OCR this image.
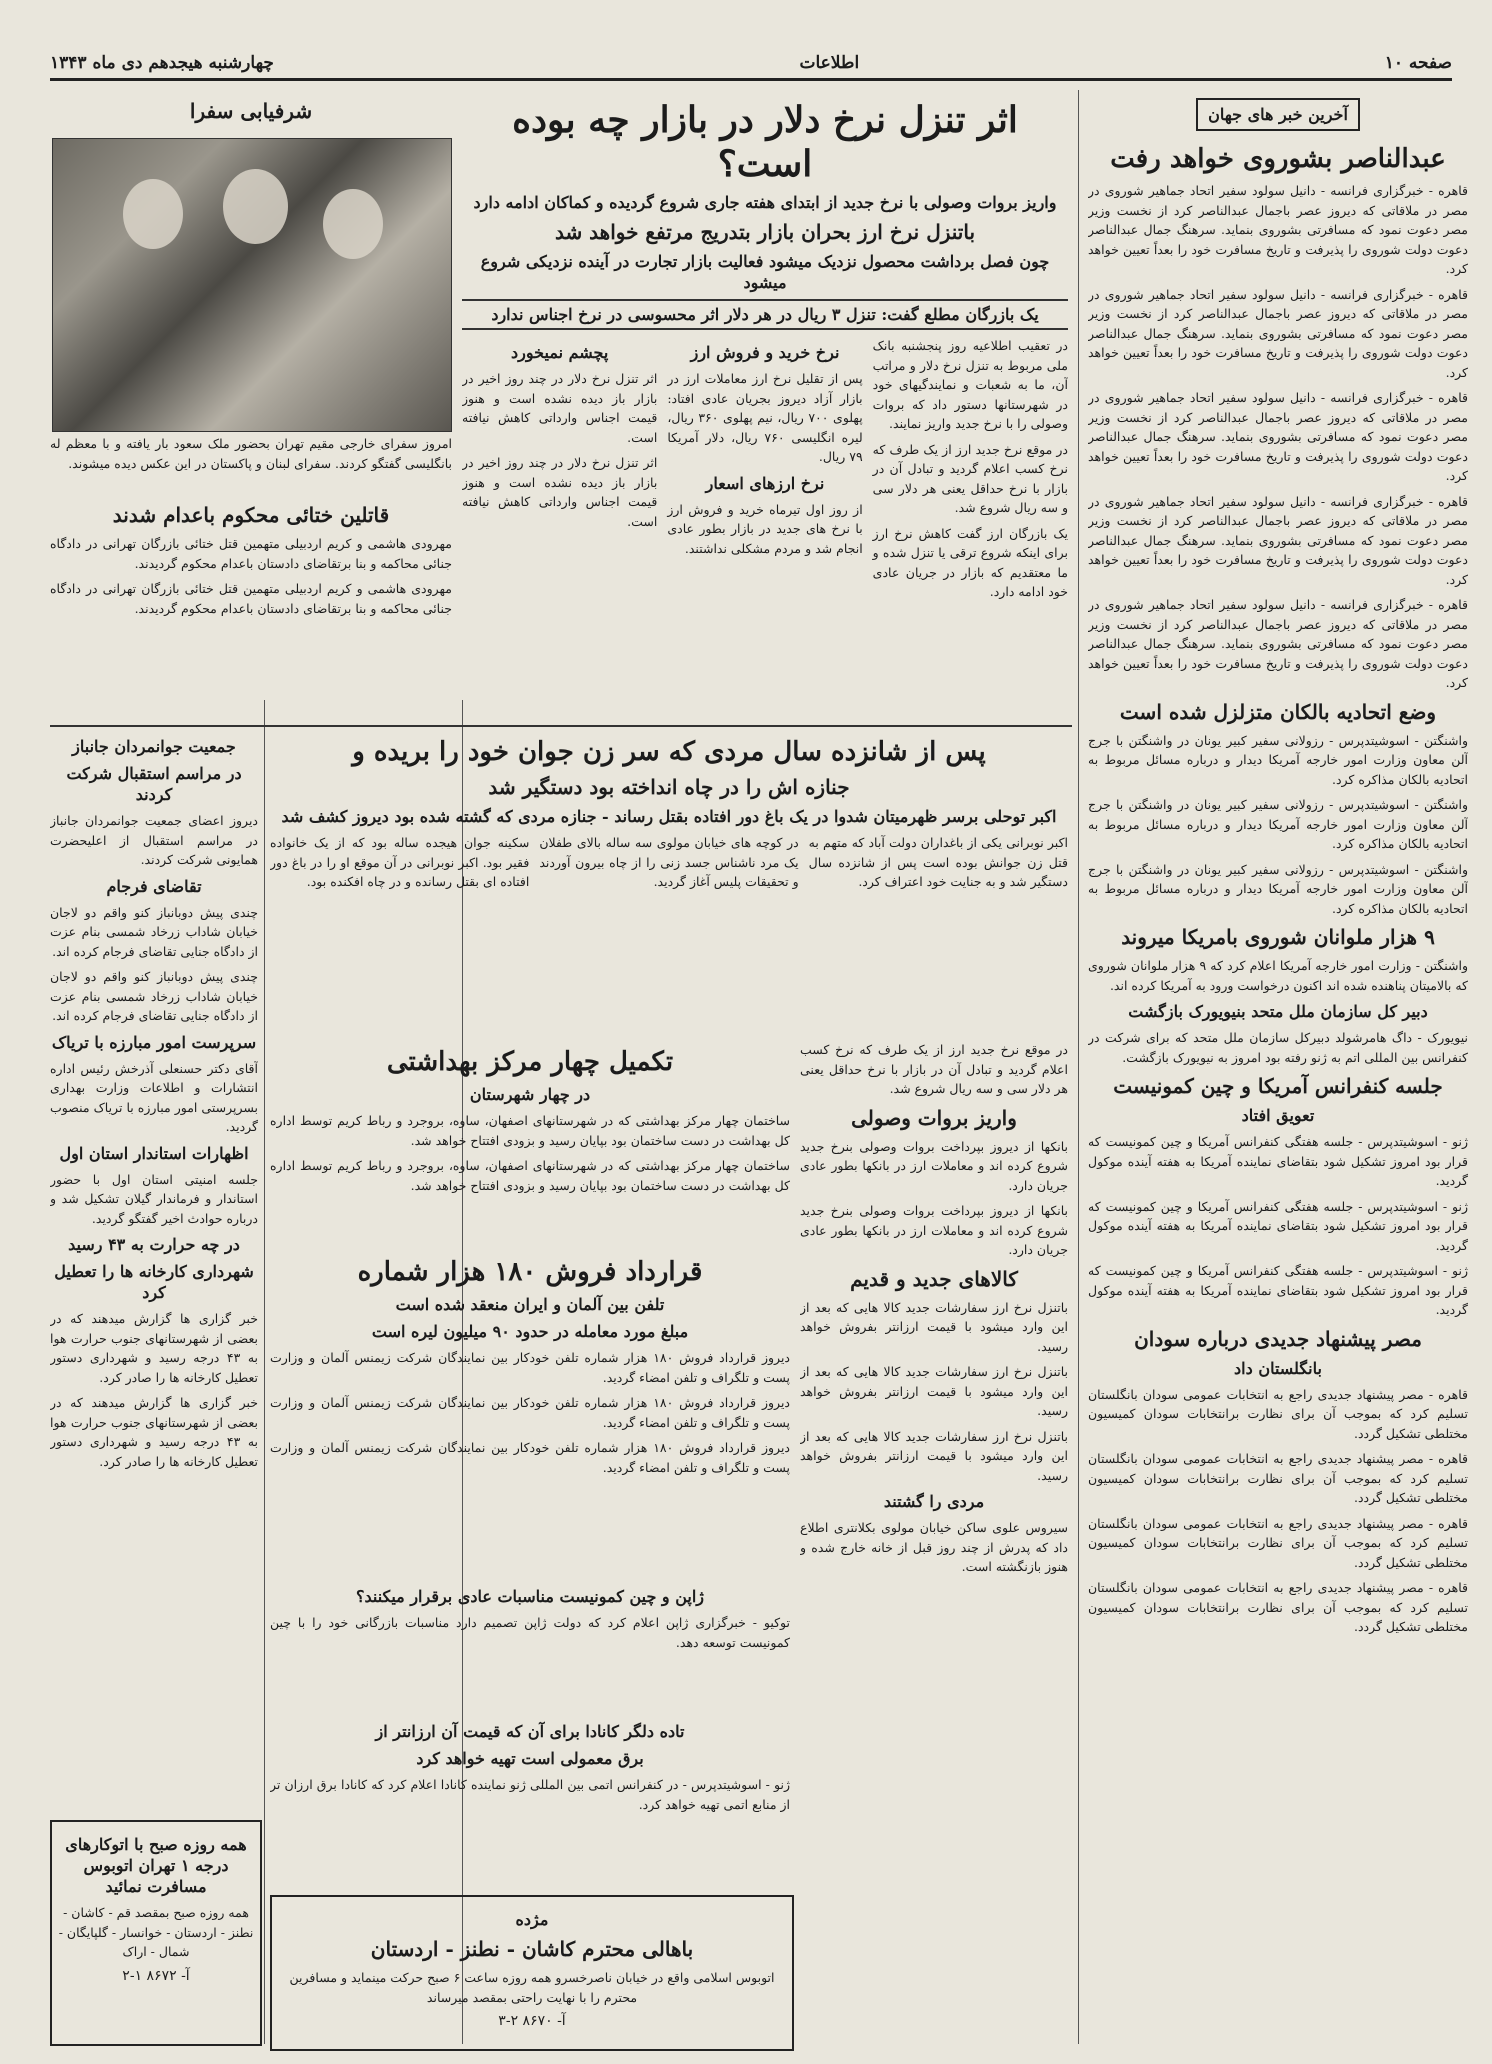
صفحه ۱۰
اطلاعات
چهارشنبه هیجدهم دی ماه ۱۳۴۳
آخرین خبر های جهان
عبدالناصر بشوروی خواهد رفت

قاهره - خبرگزاری فرانسه - دانیل سولود سفیر اتحاد جماهیر شوروی در مصر در ملاقاتی که دیروز عصر باجمال عبدالناصر کرد از نخست وزیر مصر دعوت نمود که مسافرتی بشوروی بنماید. سرهنگ جمال عبدالناصر دعوت دولت شوروی را پذیرفت و تاریخ مسافرت خود را بعداً تعیین خواهد کرد.

قاهره - خبرگزاری فرانسه - دانیل سولود سفیر اتحاد جماهیر شوروی در مصر در ملاقاتی که دیروز عصر باجمال عبدالناصر کرد از نخست وزیر مصر دعوت نمود که مسافرتی بشوروی بنماید. سرهنگ جمال عبدالناصر دعوت دولت شوروی را پذیرفت و تاریخ مسافرت خود را بعداً تعیین خواهد کرد.

قاهره - خبرگزاری فرانسه - دانیل سولود سفیر اتحاد جماهیر شوروی در مصر در ملاقاتی که دیروز عصر باجمال عبدالناصر کرد از نخست وزیر مصر دعوت نمود که مسافرتی بشوروی بنماید. سرهنگ جمال عبدالناصر دعوت دولت شوروی را پذیرفت و تاریخ مسافرت خود را بعداً تعیین خواهد کرد.

قاهره - خبرگزاری فرانسه - دانیل سولود سفیر اتحاد جماهیر شوروی در مصر در ملاقاتی که دیروز عصر باجمال عبدالناصر کرد از نخست وزیر مصر دعوت نمود که مسافرتی بشوروی بنماید. سرهنگ جمال عبدالناصر دعوت دولت شوروی را پذیرفت و تاریخ مسافرت خود را بعداً تعیین خواهد کرد.

قاهره - خبرگزاری فرانسه - دانیل سولود سفیر اتحاد جماهیر شوروی در مصر در ملاقاتی که دیروز عصر باجمال عبدالناصر کرد از نخست وزیر مصر دعوت نمود که مسافرتی بشوروی بنماید. سرهنگ جمال عبدالناصر دعوت دولت شوروی را پذیرفت و تاریخ مسافرت خود را بعداً تعیین خواهد کرد.

وضع اتحادیه بالکان متزلزل شده است

واشنگتن - اسوشیتدپرس - رزولانی سفیر کبیر یونان در واشنگتن با جرج آلن معاون وزارت امور خارجه آمریکا دیدار و درباره مسائل مربوط به اتحادیه بالکان مذاکره کرد.

واشنگتن - اسوشیتدپرس - رزولانی سفیر کبیر یونان در واشنگتن با جرج آلن معاون وزارت امور خارجه آمریکا دیدار و درباره مسائل مربوط به اتحادیه بالکان مذاکره کرد.

واشنگتن - اسوشیتدپرس - رزولانی سفیر کبیر یونان در واشنگتن با جرج آلن معاون وزارت امور خارجه آمریکا دیدار و درباره مسائل مربوط به اتحادیه بالکان مذاکره کرد.

۹ هزار ملوانان شوروی بامریکا میروند

واشنگتن - وزارت امور خارجه آمریکا اعلام کرد که ۹ هزار ملوانان شوروی که بالامیتان پناهنده شده اند اکنون درخواست ورود به آمریکا کرده اند.

دبیر کل سازمان ملل متحد بنیویورک بازگشت

نیویورک - داگ هامرشولد دبیرکل سازمان ملل متحد که برای شرکت در کنفرانس بین المللی اتم به ژنو رفته بود امروز به نیویورک بازگشت.

جلسه کنفرانس آمریکا و چین کمونیست
تعویق افتاد

ژنو - اسوشیتدپرس - جلسه هفتگی کنفرانس آمریکا و چین کمونیست که قرار بود امروز تشکیل شود بتقاضای نماینده آمریکا به هفته آینده موکول گردید.

ژنو - اسوشیتدپرس - جلسه هفتگی کنفرانس آمریکا و چین کمونیست که قرار بود امروز تشکیل شود بتقاضای نماینده آمریکا به هفته آینده موکول گردید.

ژنو - اسوشیتدپرس - جلسه هفتگی کنفرانس آمریکا و چین کمونیست که قرار بود امروز تشکیل شود بتقاضای نماینده آمریکا به هفته آینده موکول گردید.

مصر پیشنهاد جدیدی درباره سودان
بانگلستان داد

قاهره - مصر پیشنهاد جدیدی راجع به انتخابات عمومی سودان بانگلستان تسلیم کرد که بموجب آن برای نظارت برانتخابات سودان کمیسیون مختلطی تشکیل گردد.

قاهره - مصر پیشنهاد جدیدی راجع به انتخابات عمومی سودان بانگلستان تسلیم کرد که بموجب آن برای نظارت برانتخابات سودان کمیسیون مختلطی تشکیل گردد.

قاهره - مصر پیشنهاد جدیدی راجع به انتخابات عمومی سودان بانگلستان تسلیم کرد که بموجب آن برای نظارت برانتخابات سودان کمیسیون مختلطی تشکیل گردد.

قاهره - مصر پیشنهاد جدیدی راجع به انتخابات عمومی سودان بانگلستان تسلیم کرد که بموجب آن برای نظارت برانتخابات سودان کمیسیون مختلطی تشکیل گردد.

اثر تنزل نرخ دلار در بازار چه بوده است؟
واریز بروات وصولی با نرخ جدید از ابتدای هفته جاری شروع گردیده و کماکان ادامه دارد
باتنزل نرخ ارز بحران بازار بتدریج مرتفع خواهد شد
چون فصل برداشت محصول نزدیک میشود فعالیت بازار تجارت در آینده نزدیکی شروع میشود
یک بازرگان مطلع گفت: تنزل ۳ ریال در هر دلار اثر محسوسی در نرخ اجناس ندارد

در تعقیب اطلاعیه روز پنجشنبه بانک ملی مربوط به تنزل نرخ دلار و مراتب آن، ما به شعبات و نمایندگیهای خود در شهرستانها دستور داد که بروات وصولی را با نرخ جدید واریز نمایند.

در موقع نرخ جدید ارز از یک طرف که نرخ کسب اعلام گردید و تبادل آن در بازار با نرخ حداقل یعنی هر دلار سی و سه ریال شروع شد.

یک بازرگان ارز گفت کاهش نرخ ارز برای اینکه شروع ترقی یا تنزل شده و ما معتقدیم که بازار در جریان عادی خود ادامه دارد.

نرخ خرید و فروش ارز

پس از تقلیل نرخ ارز معاملات ارز در بازار آزاد دیروز بجریان عادی افتاد: پهلوی ۷۰۰ ریال، نیم پهلوی ۳۶۰ ریال، لیره انگلیسی ۷۶۰ ریال، دلار آمریکا ۷۹ ریال.

نرخ ارزهای اسعار

از روز اول تیرماه خرید و فروش ارز با نرخ های جدید در بازار بطور عادی انجام شد و مردم مشکلی نداشتند.

پچشم نمیخورد

اثر تنزل نرخ دلار در چند روز اخیر در بازار باز دیده نشده است و هنوز قیمت اجناس وارداتی کاهش نیافته است.

اثر تنزل نرخ دلار در چند روز اخیر در بازار باز دیده نشده است و هنوز قیمت اجناس وارداتی کاهش نیافته است.

شرفیابی سفرا

امروز سفرای خارجی مقیم تهران بحضور ملک سعود بار یافته و با معظم له بانگلیسی گفتگو کردند. سفرای لبنان و پاکستان در این عکس دیده میشوند.

قاتلین ختائی محکوم باعدام شدند

مهرودی هاشمی و کریم اردبیلی متهمین قتل ختائی بازرگان تهرانی در دادگاه جنائی محاکمه و بنا برتقاضای دادستان باعدام محکوم گردیدند.

مهرودی هاشمی و کریم اردبیلی متهمین قتل ختائی بازرگان تهرانی در دادگاه جنائی محاکمه و بنا برتقاضای دادستان باعدام محکوم گردیدند.

پس از شانزده سال مردی که سر زن جوان خود را بریده و
جنازه اش را در چاه انداخته بود دستگیر شد
اکبر توحلی برسر ظهرمیتان شدوا در یک باغ دور افتاده بقتل رساند - جنازه مردی که گشته شده بود دیروز کشف شد

اکبر نوبرانی یکی از باغداران دولت آباد که متهم به قتل زن جوانش بوده است پس از شانزده سال دستگیر شد و به جنایت خود اعتراف کرد.

در کوچه های خیابان مولوی سه ساله بالای طفلان یک مرد ناشناس جسد زنی را از چاه بیرون آوردند و تحقیقات پلیس آغاز گردید.

سکینه جوان هیجده ساله بود که از یک خانواده فقیر بود. اکبر نوبرانی در آن موقع او را در باغ دور افتاده ای بقتل رسانده و در چاه افکنده بود.

تکمیل چهار مرکز بهداشتی
در چهار شهرستان

ساختمان چهار مرکز بهداشتی که در شهرستانهای اصفهان، ساوه، بروجرد و رباط کریم توسط اداره کل بهداشت در دست ساختمان بود بپایان رسید و بزودی افتتاح خواهد شد.

ساختمان چهار مرکز بهداشتی که در شهرستانهای اصفهان، ساوه، بروجرد و رباط کریم توسط اداره کل بهداشت در دست ساختمان بود بپایان رسید و بزودی افتتاح خواهد شد.

قرارداد فروش ۱۸۰ هزار شماره
تلفن بین آلمان و ایران منعقد شده است
مبلغ مورد معامله در حدود ۹۰ میلیون لیره است

دیروز قرارداد فروش ۱۸۰ هزار شماره تلفن خودکار بین نمایندگان شرکت زیمنس آلمان و وزارت پست و تلگراف و تلفن امضاء گردید.

دیروز قرارداد فروش ۱۸۰ هزار شماره تلفن خودکار بین نمایندگان شرکت زیمنس آلمان و وزارت پست و تلگراف و تلفن امضاء گردید.

دیروز قرارداد فروش ۱۸۰ هزار شماره تلفن خودکار بین نمایندگان شرکت زیمنس آلمان و وزارت پست و تلگراف و تلفن امضاء گردید.

ژاپن و چین کمونیست مناسبات عادی برقرار میکنند؟

توکیو - خبرگزاری ژاپن اعلام کرد که دولت ژاپن تصمیم دارد مناسبات بازرگانی خود را با چین کمونیست توسعه دهد.

تاده دلگر کانادا برای آن که قیمت آن ارزانتر از
برق معمولی است تهیه خواهد کرد

ژنو - اسوشیتدپرس - در کنفرانس اتمی بین المللی ژنو نماینده کانادا اعلام کرد که کانادا برق ارزان تر از منابع اتمی تهیه خواهد کرد.

در موقع نرخ جدید ارز از یک طرف که نرخ کسب اعلام گردید و تبادل آن در بازار با نرخ حداقل یعنی هر دلار سی و سه ریال شروع شد.

واریز بروات وصولی

بانکها از دیروز بپرداخت بروات وصولی بنرخ جدید شروع کرده اند و معاملات ارز در بانکها بطور عادی جریان دارد.

بانکها از دیروز بپرداخت بروات وصولی بنرخ جدید شروع کرده اند و معاملات ارز در بانکها بطور عادی جریان دارد.

کالاهای جدید و قدیم

باتنزل نرخ ارز سفارشات جدید کالا هایی که بعد از این وارد میشود با قیمت ارزانتر بفروش خواهد رسید.

باتنزل نرخ ارز سفارشات جدید کالا هایی که بعد از این وارد میشود با قیمت ارزانتر بفروش خواهد رسید.

باتنزل نرخ ارز سفارشات جدید کالا هایی که بعد از این وارد میشود با قیمت ارزانتر بفروش خواهد رسید.

مردی را گشتند

سیروس علوی ساکن خیابان مولوی بکلانتری اطلاع داد که پدرش از چند روز قبل از خانه خارج شده و هنوز بازنگشته است.

جمعیت جوانمردان جانباز
در مراسم استقبال شرکت کردند

دیروز اعضای جمعیت جوانمردان جانباز در مراسم استقبال از اعلیحضرت همایونی شرکت کردند.

تقاضای فرجام

چندی پیش دوبانباز کنو واقم دو لاجان خیابان شاداب زرخاد شمسی بنام عزت از دادگاه جنایی تقاضای فرجام کرده اند.

چندی پیش دوبانباز کنو واقم دو لاجان خیابان شاداب زرخاد شمسی بنام عزت از دادگاه جنایی تقاضای فرجام کرده اند.

سرپرست امور مبارزه با تریاک

آقای دکتر حسنعلی آذرخش رئیس اداره انتشارات و اطلاعات وزارت بهداری بسرپرستی امور مبارزه با تریاک منصوب گردید.

اظهارات استاندار استان اول

جلسه امنیتی استان اول با حضور استاندار و فرماندار گیلان تشکیل شد و درباره حوادث اخیر گفتگو گردید.

در چه حرارت به ۴۳ رسید
شهرداری کارخانه ها را تعطیل کرد

خبر گزاری ها گزارش میدهند که در بعضی از شهرستانهای جنوب حرارت هوا به ۴۳ درجه رسید و شهرداری دستور تعطیل کارخانه ها را صادر کرد.

خبر گزاری ها گزارش میدهند که در بعضی از شهرستانهای جنوب حرارت هوا به ۴۳ درجه رسید و شهرداری دستور تعطیل کارخانه ها را صادر کرد.

همه روزه صبح با اتوکارهای درجه ۱ تهران اتوبوس مسافرت نمائید

همه روزه صبح بمقصد قم - کاشان - نطنز - اردستان - خوانسار - گلپایگان - شمال - اراک

آ- ۸۶۷۲ ۱-۲
مژده
باهالی محترم کاشان - نطنز - اردستان

اتوبوس اسلامی واقع در خیابان ناصرخسرو همه روزه ساعت ۶ صبح حرکت مینماید و مسافرین محترم را با نهایت راحتی بمقصد میرساند

آ- ۸۶۷۰ ۲-۳
